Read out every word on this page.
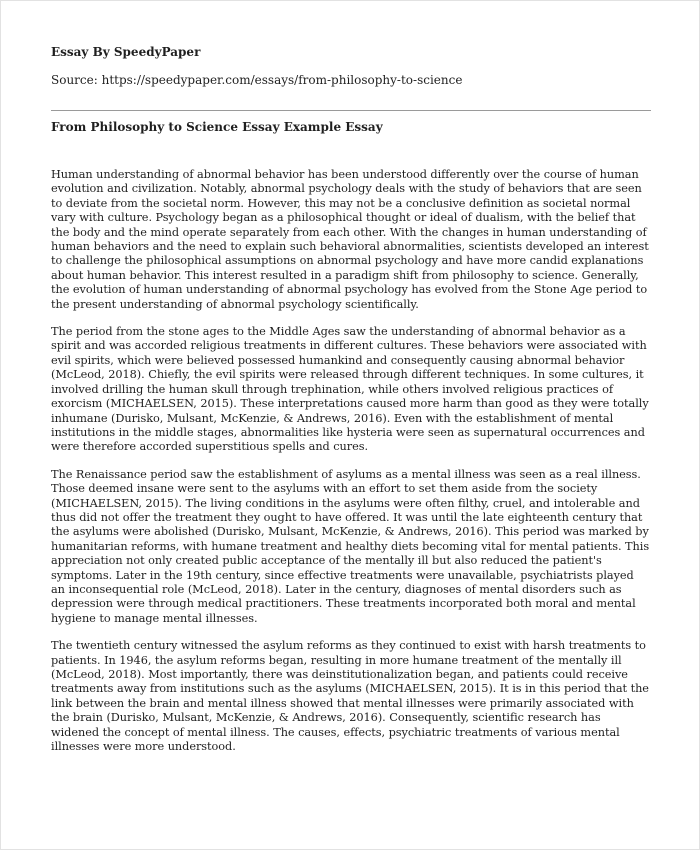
Essay By SpeedyPaper

Source: https://speedypaper.com/essays/from-philosophy-to-science

From Philosophy to Science Essay Example Essay

Human understanding of abnormal behavior has been understood differently over the course of human evolution and civilization. Notably, abnormal psychology deals with the study of behaviors that are seen to deviate from the societal norm. However, this may not be a conclusive definition as societal normal vary with culture. Psychology began as a philosophical thought or ideal of dualism, with the belief that the body and the mind operate separately from each other. With the changes in human understanding of human behaviors and the need to explain such behavioral abnormalities, scientists developed an interest to challenge the philosophical assumptions on abnormal psychology and have more candid explanations about human behavior. This interest resulted in a paradigm shift from philosophy to science. Generally, the evolution of human understanding of abnormal psychology has evolved from the Stone Age period to the present understanding of abnormal psychology scientifically.

The period from the stone ages to the Middle Ages saw the understanding of abnormal behavior as a spirit and was accorded religious treatments in different cultures. These behaviors were associated with evil spirits, which were believed possessed humankind and consequently causing abnormal behavior (McLeod, 2018). Chiefly, the evil spirits were released through different techniques. In some cultures, it involved drilling the human skull through trephination, while others involved religious practices of exorcism (MICHAELSEN, 2015). These interpretations caused more harm than good as they were totally inhumane (Durisko, Mulsant, McKenzie, & Andrews, 2016). Even with the establishment of mental institutions in the middle stages, abnormalities like hysteria were seen as supernatural occurrences and were therefore accorded superstitious spells and cures.

The Renaissance period saw the establishment of asylums as a mental illness was seen as a real illness. Those deemed insane were sent to the asylums with an effort to set them aside from the society (MICHAELSEN, 2015). The living conditions in the asylums were often filthy, cruel, and intolerable and thus did not offer the treatment they ought to have offered. It was until the late eighteenth century that the asylums were abolished (Durisko, Mulsant, McKenzie, & Andrews, 2016). This period was marked by humanitarian reforms, with humane treatment and healthy diets becoming vital for mental patients. This appreciation not only created public acceptance of the mentally ill but also reduced the patient's symptoms. Later in the 19th century, since effective treatments were unavailable, psychiatrists played an inconsequential role (McLeod, 2018). Later in the century, diagnoses of mental disorders such as depression were through medical practitioners. These treatments incorporated both moral and mental hygiene to manage mental illnesses.

The twentieth century witnessed the asylum reforms as they continued to exist with harsh treatments to patients. In 1946, the asylum reforms began, resulting in more humane treatment of the mentally ill (McLeod, 2018). Most importantly, there was deinstitutionalization began, and patients could receive treatments away from institutions such as the asylums (MICHAELSEN, 2015). It is in this period that the link between the brain and mental illness showed that mental illnesses were primarily associated with the brain (Durisko, Mulsant, McKenzie, & Andrews, 2016). Consequently, scientific research has widened the concept of mental illness. The causes, effects, psychiatric treatments of various mental illnesses were more understood.
